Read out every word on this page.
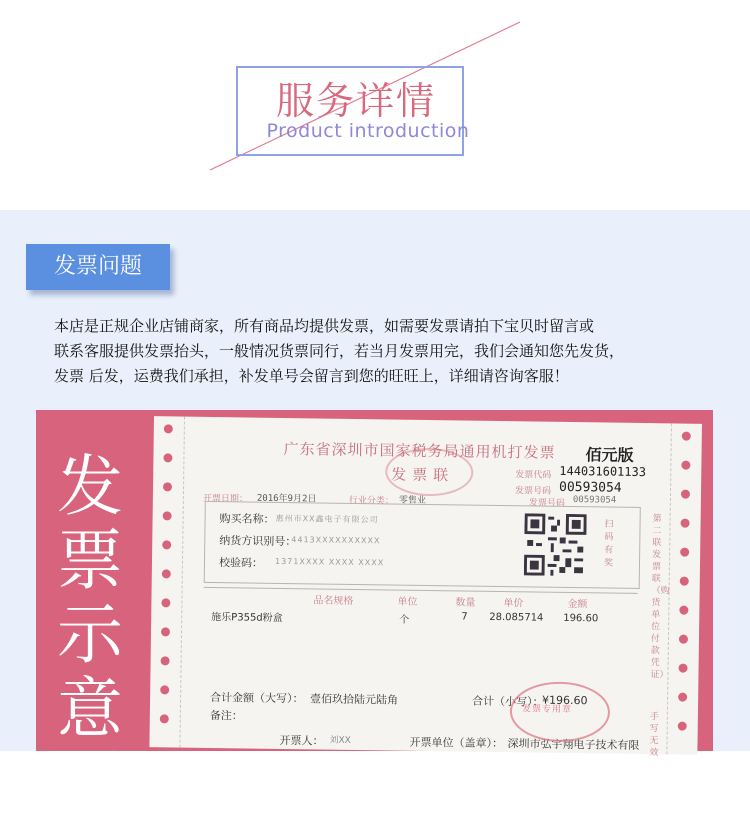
服务详情
Product introduction
发票问题

本店是正规企业店铺商家，所有商品均提供发票，如需要发票请拍下宝贝时留言或

联系客服提供发票抬头，一般情况货票同行，若当月发票用完，我们会通知您先发货，

发票 后发，运费我们承担，补发单号会留言到您的旺旺上，详细请咨询客服！

发
票
示
意
图
广东省深圳市国家税务局通用机打发票 佰元版
发票联	发票代码 144031601133
发票号码 00593054
开票日期： 2016年9月2日	行业分类： 零售业	发票号码 00593054
购买名称： 惠州市XX鑫电子有限公司
纳货方识别号：
4413XXXXXXXXXX
校验码： 1371XXXX XXXX XXXX
扫码有奖
第二联 发票联（购货单位付款凭证）
品名规格	单位	数量	单价	金额
施乐P355d粉盒	个	7 28.085714 196.60
合计金额（大写）： 壹佰玖拾陆元陆角	合计（小写）：
¥196.60
备注：
开票人： 刘XX	开票单位（盖章）： 深圳市弘宇翔电子技术有限
发票专用章
手写无效
